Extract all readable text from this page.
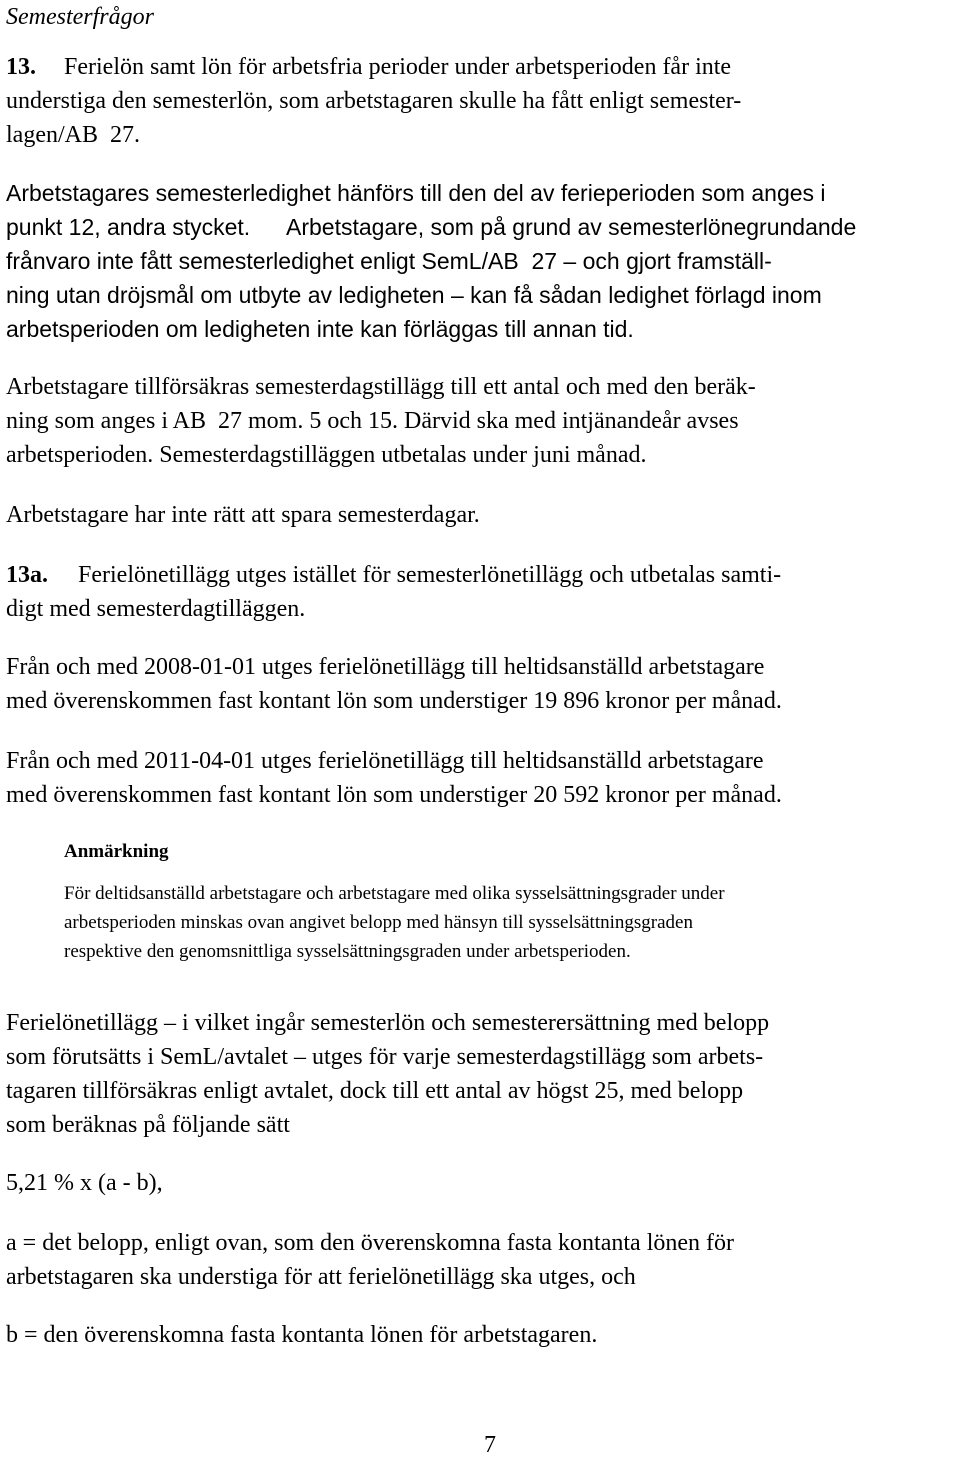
Semesterfrågor
13. Ferielön samt lön för arbetsfria perioder under arbetsperioden får inte
understiga den semesterlön, som arbetstagaren skulle ha fått enligt semester-
lagen/AB  27.
Arbetstagares semesterledighet hänförs till den del av ferieperioden som anges i
punkt 12, andra stycket. Arbetstagare, som på grund av semesterlönegrundande
frånvaro inte fått semesterledighet enligt SemL/AB  27 – och gjort framställ-
ning utan dröjsmål om utbyte av ledigheten – kan få sådan ledighet förlagd inom
arbetsperioden om ledigheten inte kan förläggas till annan tid.
Arbetstagare tillförsäkras semesterdagstillägg till ett antal och med den beräk-
ning som anges i AB  27 mom. 5 och 15. Därvid ska med intjänandeår avses
arbetsperioden. Semesterdagstilläggen utbetalas under juni månad.
Arbetstagare har inte rätt att spara semesterdagar.
13a. Ferielönetillägg utges istället för semesterlönetillägg och utbetalas samti-
digt med semesterdagtilläggen.
Från och med 2008-01-01 utges ferielönetillägg till heltidsanställd arbetstagare
med överenskommen fast kontant lön som understiger 19 896 kronor per månad.
Från och med 2011-04-01 utges ferielönetillägg till heltidsanställd arbetstagare
med överenskommen fast kontant lön som understiger 20 592 kronor per månad.
Anmärkning
För deltidsanställd arbetstagare och arbetstagare med olika sysselsättningsgrader under
arbetsperioden minskas ovan angivet belopp med hänsyn till sysselsättningsgraden
respektive den genomsnittliga sysselsättningsgraden under arbetsperioden.
Ferielönetillägg – i vilket ingår semesterlön och semesterersättning med belopp
som förutsätts i SemL/avtalet – utges för varje semesterdagstillägg som arbets-
tagaren tillförsäkras enligt avtalet, dock till ett antal av högst 25, med belopp
som beräknas på följande sätt
5,21 % x (a - b),
a = det belopp, enligt ovan, som den överenskomna fasta kontanta lönen för
arbetstagaren ska understiga för att ferielönetillägg ska utges, och
b = den överenskomna fasta kontanta lönen för arbetstagaren.
7
